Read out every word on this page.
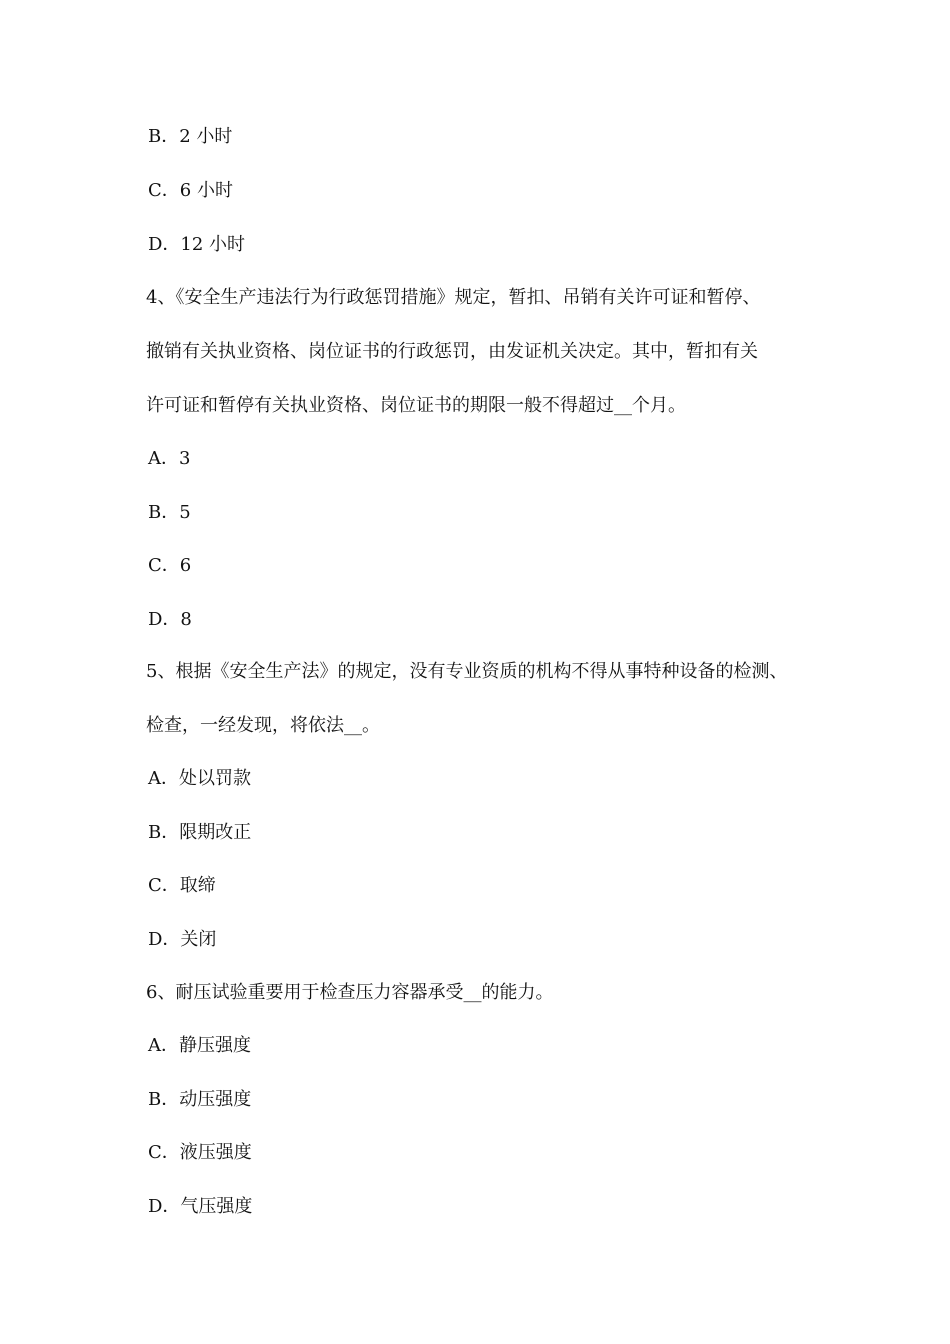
B．2 小时
C．6 小时
D．12 小时
4、《安全生产违法行为行政惩罚措施》规定，暂扣、吊销有关许可证和暂停、
撤销有关执业资格、岗位证书的行政惩罚，由发证机关决定。其中，暂扣有关
许可证和暂停有关执业资格、岗位证书的期限一般不得超过__个月。
A．3
B．5
C．6
D．8
5、根据《安全生产法》的规定，没有专业资质的机构不得从事特种设备的检测、
检查，一经发现，将依法__。
A．处以罚款
B．限期改正
C．取缔
D．关闭
6、耐压试验重要用于检查压力容器承受__的能力。
A．静压强度
B．动压强度
C．液压强度
D．气压强度
